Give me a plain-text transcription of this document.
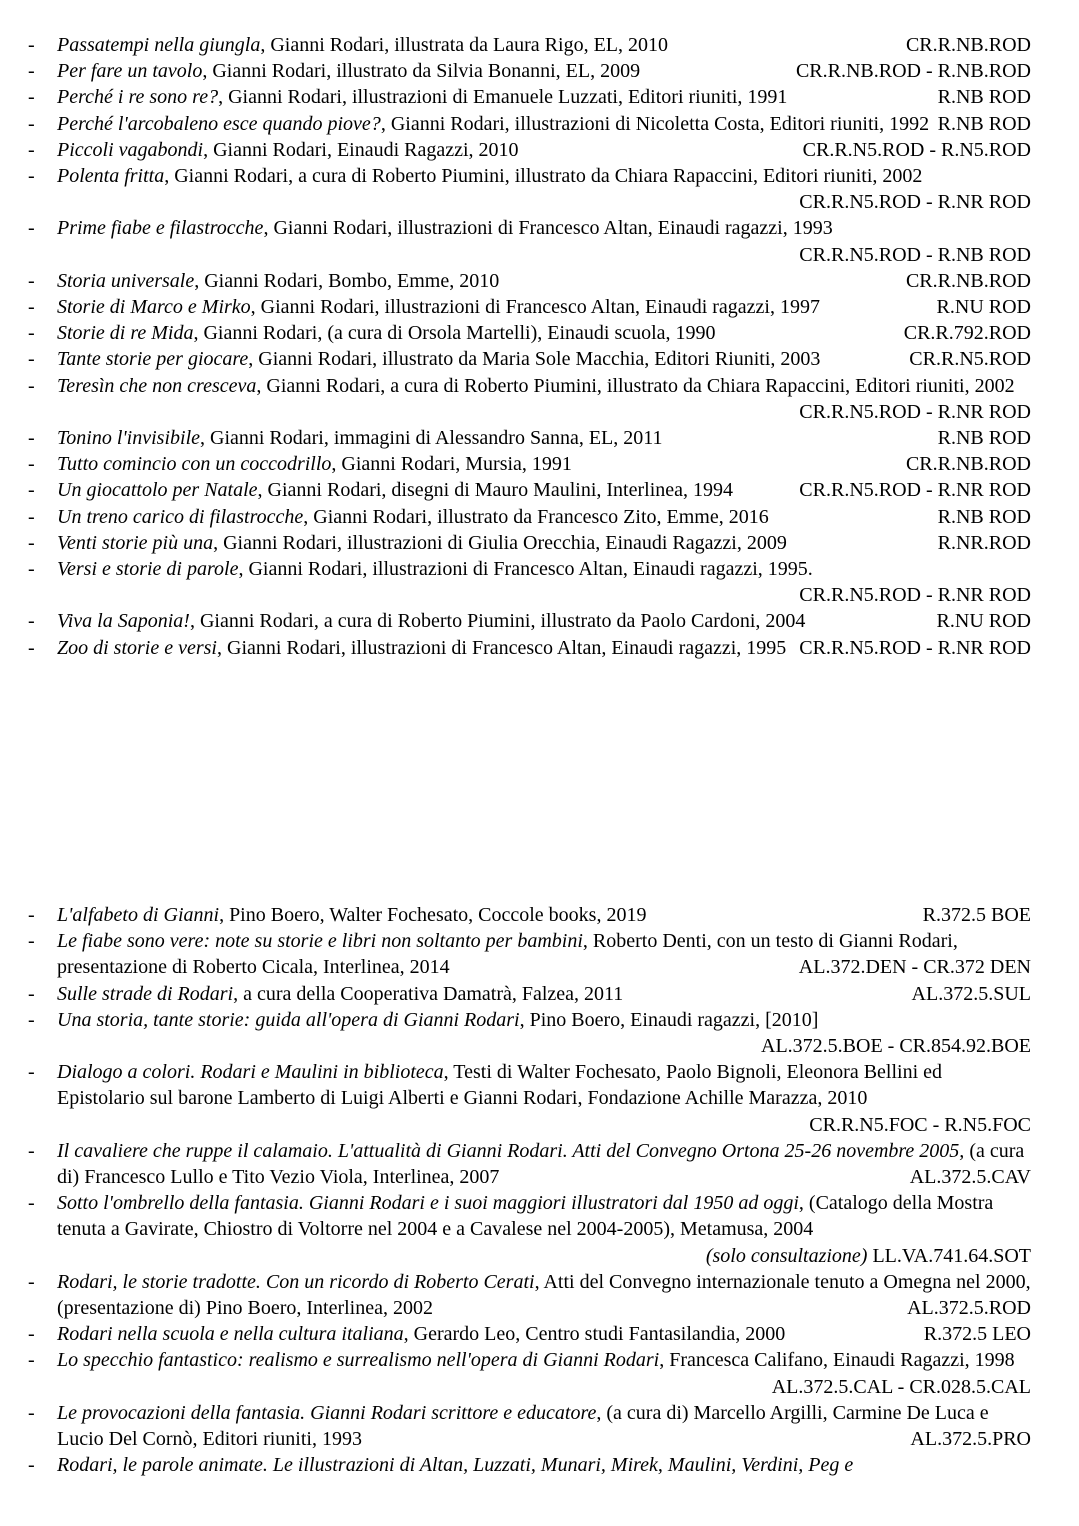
- Passatempi nella giungla, Gianni Rodari, illustrata da Laura Rigo, EL, 2010	CR.R.NB.ROD
- Per fare un tavolo, Gianni Rodari, illustrato da Silvia Bonanni, EL, 2009	CR.R.NB.ROD - R.NB.ROD
- Perché i re sono re?, Gianni Rodari, illustrazioni di Emanuele Luzzati, Editori riuniti, 1991	R.NB ROD
- Perché l'arcobaleno esce quando piove?, Gianni Rodari, illustrazioni di Nicoletta Costa, Editori riuniti, 1992 R.NB ROD
- Piccoli vagabondi, Gianni Rodari, Einaudi Ragazzi, 2010	CR.R.N5.ROD - R.N5.ROD
- Polenta fritta, Gianni Rodari, a cura di Roberto Piumini, illustrato da Chiara Rapaccini, Editori riuniti, 2002
CR.R.N5.ROD - R.NR ROD
- Prime fiabe e filastrocche, Gianni Rodari, illustrazioni di Francesco Altan, Einaudi ragazzi, 1993
CR.R.N5.ROD - R.NB ROD
- Storia universale, Gianni Rodari, Bombo, Emme, 2010	CR.R.NB.ROD
- Storie di Marco e Mirko, Gianni Rodari, illustrazioni di Francesco Altan, Einaudi ragazzi, 1997	R.NU ROD
- Storie di re Mida, Gianni Rodari, (a cura di Orsola Martelli), Einaudi scuola, 1990	CR.R.792.ROD
- Tante storie per giocare, Gianni Rodari, illustrato da Maria Sole Macchia, Editori Riuniti, 2003	CR.R.N5.ROD
- Teresìn che non cresceva, Gianni Rodari, a cura di Roberto Piumini, illustrato da Chiara Rapaccini, Editori riuniti, 2002
CR.R.N5.ROD - R.NR ROD
- Tonino l'invisibile, Gianni Rodari, immagini di Alessandro Sanna, EL, 2011	R.NB ROD
- Tutto comincio con un coccodrillo, Gianni Rodari, Mursia, 1991	CR.R.NB.ROD
- Un giocattolo per Natale, Gianni Rodari, disegni di Mauro Maulini, Interlinea, 1994	CR.R.N5.ROD - R.NR ROD
- Un treno carico di filastrocche, Gianni Rodari, illustrato da Francesco Zito, Emme, 2016	R.NB ROD
- Venti storie più una, Gianni Rodari, illustrazioni di Giulia Orecchia, Einaudi Ragazzi, 2009	R.NR.ROD
- Versi e storie di parole, Gianni Rodari, illustrazioni di Francesco Altan, Einaudi ragazzi, 1995.
CR.R.N5.ROD - R.NR ROD
- Viva la Saponia!, Gianni Rodari, a cura di Roberto Piumini, illustrato da Paolo Cardoni, 2004	R.NU ROD
- Zoo di storie e versi, Gianni Rodari, illustrazioni di Francesco Altan, Einaudi ragazzi, 1995 CR.R.N5.ROD - R.NR ROD
- L'alfabeto di Gianni, Pino Boero, Walter Fochesato, Coccole books, 2019	R.372.5 BOE
- Le fiabe sono vere: note su storie e libri non soltanto per bambini, Roberto Denti, con un testo di Gianni Rodari, presentazione di Roberto Cicala, Interlinea, 2014	AL.372.DEN - CR.372 DEN
- Sulle strade di Rodari, a cura della Cooperativa Damatrà, Falzea, 2011	AL.372.5.SUL
- Una storia, tante storie: guida all'opera di Gianni Rodari, Pino Boero, Einaudi ragazzi, [2010]
AL.372.5.BOE - CR.854.92.BOE
- Dialogo a colori. Rodari e Maulini in biblioteca, Testi di Walter Fochesato, Paolo Bignoli, Eleonora Bellini ed Epistolario sul barone Lamberto di Luigi Alberti e Gianni Rodari, Fondazione Achille Marazza, 2010
CR.R.N5.FOC - R.N5.FOC
- Il cavaliere che ruppe il calamaio. L'attualità di Gianni Rodari. Atti del Convegno Ortona 25-26 novembre 2005, (a cura di) Francesco Lullo e Tito Vezio Viola, Interlinea, 2007	AL.372.5.CAV
- Sotto l'ombrello della fantasia. Gianni Rodari e i suoi maggiori illustratori dal 1950 ad oggi, (Catalogo della Mostra tenuta a Gavirate, Chiostro di Voltorre nel 2004 e a Cavalese nel 2004-2005), Metamusa, 2004
(solo consultazione) LL.VA.741.64.SOT
- Rodari, le storie tradotte. Con un ricordo di Roberto Cerati, Atti del Convegno internazionale tenuto a Omegna nel 2000, (presentazione di) Pino Boero, Interlinea, 2002	AL.372.5.ROD
- Rodari nella scuola e nella cultura italiana, Gerardo Leo, Centro studi Fantasilandia, 2000	R.372.5 LEO
- Lo specchio fantastico: realismo e surrealismo nell'opera di Gianni Rodari, Francesca Califano, Einaudi Ragazzi, 1998
AL.372.5.CAL - CR.028.5.CAL
- Le provocazioni della fantasia. Gianni Rodari scrittore e educatore, (a cura di) Marcello Argilli, Carmine De Luca e Lucio Del Cornò, Editori riuniti, 1993	AL.372.5.PRO
- Rodari, le parole animate. Le illustrazioni di Altan, Luzzati, Munari, Mirek, Maulini, Verdini, Peg e
